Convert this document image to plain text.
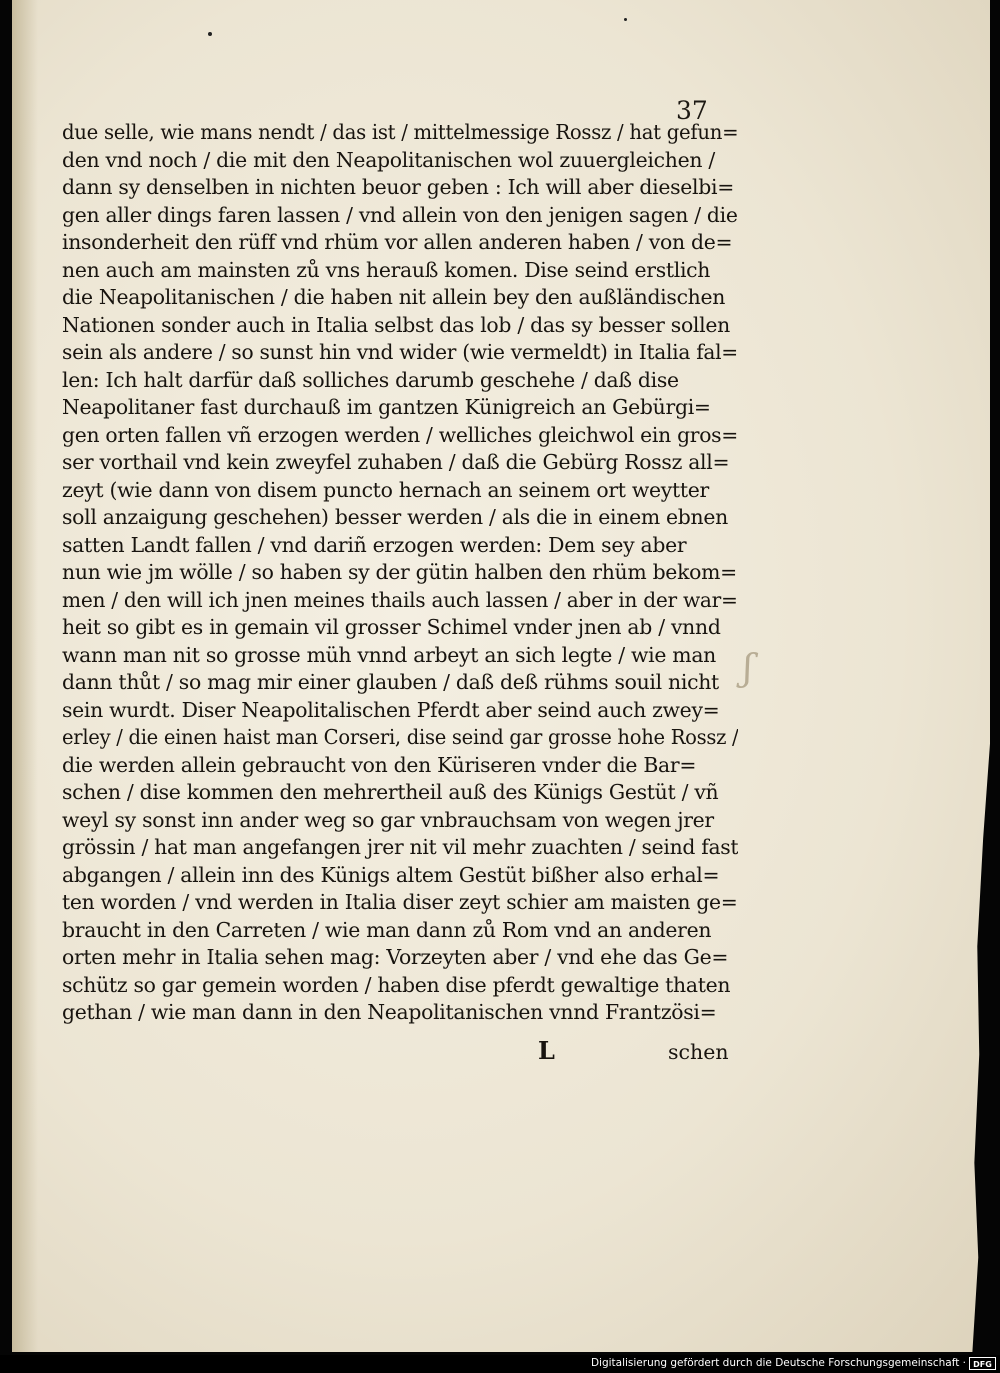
37
due selle, wie mans nendt / das ist / mittelmessige Rossz / hat gefun=
den vnd noch / die mit den Neapolitanischen wol zuuergleichen /
dann sy denselben in nichten beuor geben : Ich will aber dieselbi=
gen aller dings faren lassen / vnd allein von den jenigen sagen / die
insonderheit den rüff vnd rhüm vor allen anderen haben / von de=
nen auch am mainsten zů vns herauß komen. Dise seind erstlich
die Neapolitanischen / die haben nit allein bey den außländischen
Nationen sonder auch in Italia selbst das lob / das sy besser sollen
sein als andere / so sunst hin vnd wider (wie vermeldt) in Italia fal=
len: Ich halt darfür daß solliches darumb geschehe / daß dise
Neapolitaner fast durchauß im gantzen Künigreich an Gebürgi=
gen orten fallen vñ erzogen werden / welliches gleichwol ein gros=
ser vorthail vnd kein zweyfel zuhaben / daß die Gebürg Rossz all=
zeyt (wie dann von disem puncto hernach an seinem ort weytter
soll anzaigung geschehen) besser werden / als die in einem ebnen
satten Landt fallen / vnd dariñ erzogen werden: Dem sey aber
nun wie jm wölle / so haben sy der gütin halben den rhüm bekom=
men / den will ich jnen meines thails auch lassen / aber in der war=
heit so gibt es in gemain vil grosser Schimel vnder jnen ab / vnnd
wann man nit so grosse müh vnnd arbeyt an sich legte / wie man
dann thůt / so mag mir einer glauben / daß deß rühms souil nicht
sein wurdt. Diser Neapolitalischen Pferdt aber seind auch zwey=
erley / die einen haist man Corseri, dise seind gar grosse hohe Rossz /
die werden allein gebraucht von den Küriseren vnder die Bar=
schen / dise kommen den mehrertheil auß des Künigs Gestüt / vñ
weyl sy sonst inn ander weg so gar vnbrauchsam von wegen jrer
grössin / hat man angefangen jrer nit vil mehr zuachten / seind fast
abgangen / allein inn des Künigs altem Gestüt bißher also erhal=
ten worden / vnd werden in Italia diser zeyt schier am maisten ge=
braucht in den Carreten / wie man dann zů Rom vnd an anderen
orten mehr in Italia sehen mag: Vorzeyten aber / vnd ehe das Ge=
schütz so gar gemein worden / haben dise pferdt gewaltige thaten
gethan / wie man dann in den Neapolitanischen vnnd Frantzösi=
L	schen
ʃ
Digitalisierung gefördert durch die Deutsche Forschungsgemeinschaft · DFG
